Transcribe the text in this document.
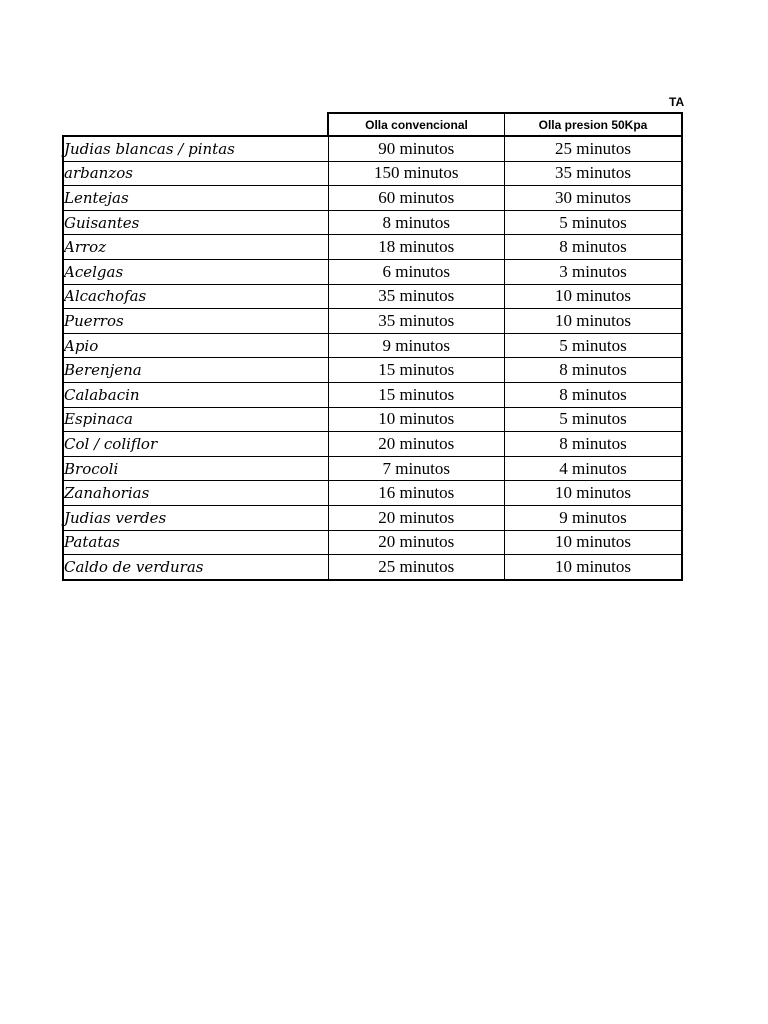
TA
	Olla convencional	Olla presion 50Kpa
Judias blancas / pintas	90 minutos	25 minutos
arbanzos	150 minutos	35 minutos
Lentejas	60 minutos	30 minutos
Guisantes	8 minutos	5 minutos
Arroz	18 minutos	8 minutos
Acelgas	6 minutos	3 minutos
Alcachofas	35 minutos	10 minutos
Puerros	35 minutos	10 minutos
Apio	9 minutos	5 minutos
Berenjena	15 minutos	8 minutos
Calabacin	15 minutos	8 minutos
Espinaca	10 minutos	5 minutos
Col / coliflor	20 minutos	8 minutos
Brocoli	7 minutos	4 minutos
Zanahorias	16 minutos	10 minutos
Judias verdes	20 minutos	9 minutos
Patatas	20 minutos	10 minutos
Caldo de verduras	25 minutos	10 minutos
